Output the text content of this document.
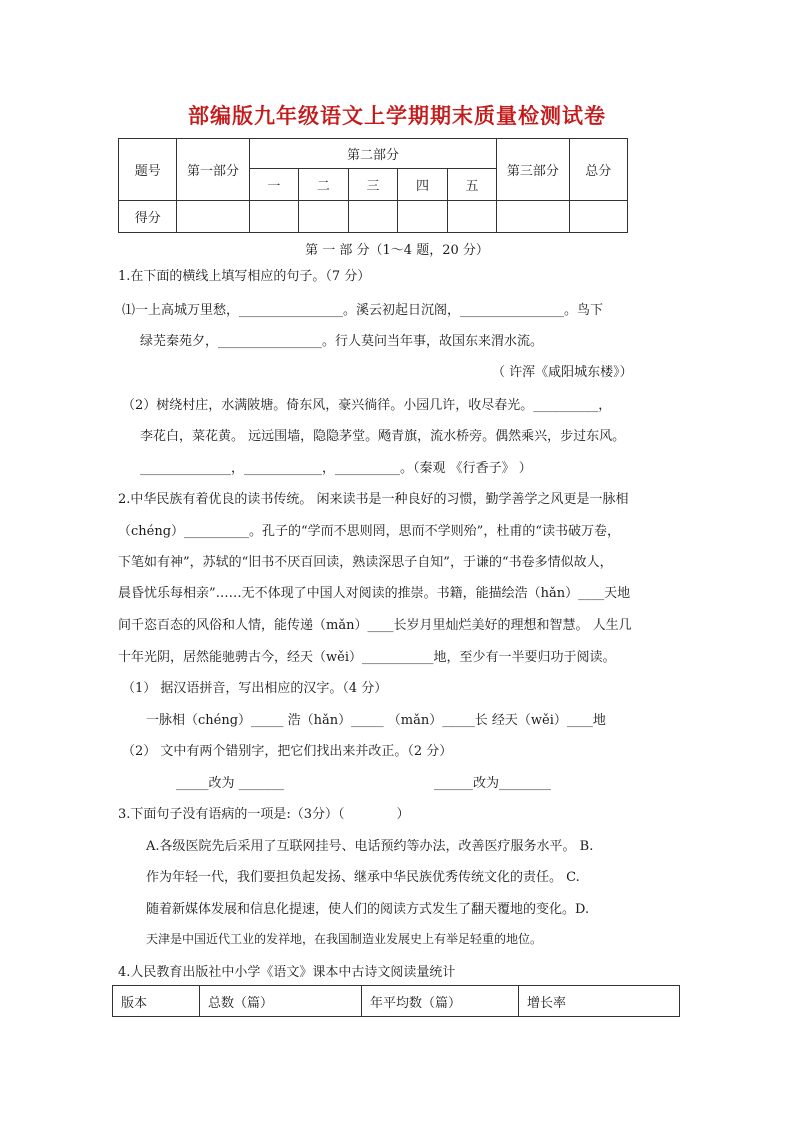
部编版九年级语文上学期期末质量检测试卷
题号	第一部分	第二部分					第三部分	总分
		一	二	三	四	五		
得分								
第 一 部 分（1～4 题，20 分）
1.在下面的横线上填写相应的句子。（7 分）
⑴一上高城万里愁，________________。溪云初起日沉阁，________________。鸟下
绿芜秦苑夕，________________。行人莫问当年事，故国东来渭水流。
（ 许浑《咸阳城东楼》）
（2）树绕村庄，水满陂塘。倚东风，豪兴徜徉。小园几许，收尽春光。__________，
李花白，菜花黄。 远远围墙，隐隐茅堂。飏青旗，流水桥旁。偶然乘兴，步过东风。
______________，____________，__________。（秦观 《行香子》 ）
2.中华民族有着优良的读书传统。 闲来读书是一种良好的习惯，勤学善学之风更是一脉相
（chéng）__________。孔子的“学而不思则罔，思而不学则殆”，杜甫的“读书破万卷，
下笔如有神”，苏轼的“旧书不厌百回读，熟读深思子自知”，于谦的“书卷多情似故人，
晨昏忧乐每相亲”……无不体现了中国人对阅读的推崇。书籍，能描绘浩（hǎn）____天地
间千恣百态的风俗和人情，能传递（mǎn）____长岁月里灿烂美好的理想和智慧。 人生几
十年光阴，居然能驰骋古今，经天（wěi）___________地，至少有一半要归功于阅读。
（1） 据汉语拼音，写出相应的汉字。（4 分）
一脉相（chéng）_____ 浩（hǎn）_____ （mǎn）_____长 经天（wěi）____地
（2） 文中有两个错别字，把它们找出来并改正。（2 分）
_____改为 _______	______改为________
3.下面句子没有语病的一项是:（3分）（　　　　）
A.各级医院先后采用了互联网挂号、电话预约等办法，改善医疗服务水平。 B.
作为年轻一代，我们要担负起发扬、继承中华民族优秀传统文化的责任。 C.
随着新媒体发展和信息化提速，使人们的阅读方式发生了翻天覆地的变化。D.
天津是中国近代工业的发祥地，在我国制造业发展史上有举足轻重的地位。
4.人民教育出版社中小学《语文》课本中古诗文阅读量统计
版本	总数（篇）	年平均数（篇）	增长率
